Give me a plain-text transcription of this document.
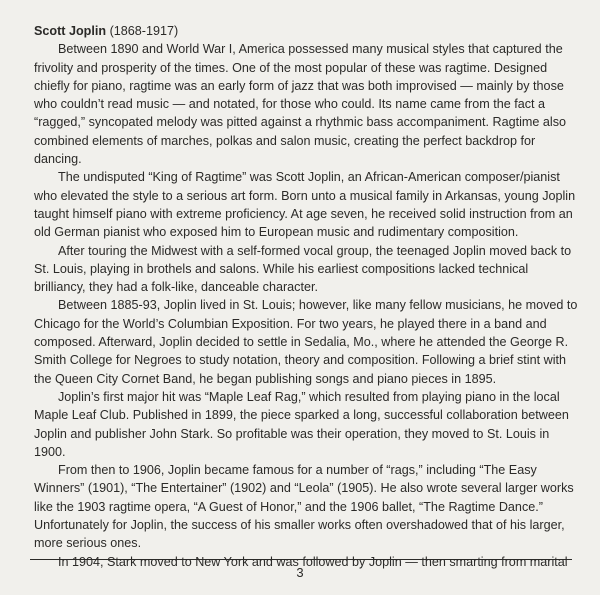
Scott Joplin (1868-1917)

Between 1890 and World War I, America possessed many musical styles that captured the frivolity and prosperity of the times. One of the most popular of these was ragtime. Designed chiefly for piano, ragtime was an early form of jazz that was both improvised — mainly by those who couldn’t read music — and notated, for those who could. Its name came from the fact a “ragged,” syncopated melody was pitted against a rhythmic bass accompaniment. Ragtime also combined elements of marches, polkas and salon music, creating the perfect backdrop for dancing.

The undisputed “King of Ragtime” was Scott Joplin, an African-American composer/pianist who elevated the style to a serious art form. Born unto a musical family in Arkansas, young Joplin taught himself piano with extreme proficiency. At age seven, he received solid instruction from an old German pianist who exposed him to European music and rudimentary composition.

After touring the Midwest with a self-formed vocal group, the teenaged Joplin moved back to St. Louis, playing in brothels and salons. While his earliest compositions lacked technical brilliancy, they had a folk-like, danceable character.

Between 1885-93, Joplin lived in St. Louis; however, like many fellow musicians, he moved to Chicago for the World’s Columbian Exposition. For two years, he played there in a band and composed. Afterward, Joplin decided to settle in Sedalia, Mo., where he attended the George R. Smith College for Negroes to study notation, theory and composition. Following a brief stint with the Queen City Cornet Band, he began publishing songs and piano pieces in 1895.

Joplin’s first major hit was “Maple Leaf Rag,” which resulted from playing piano in the local Maple Leaf Club. Published in 1899, the piece sparked a long, successful collaboration between Joplin and publisher John Stark. So profitable was their operation, they moved to St. Louis in 1900.

From then to 1906, Joplin became famous for a number of “rags,” including “The Easy Winners” (1901), “The Entertainer” (1902) and “Leola” (1905). He also wrote several larger works like the 1903 ragtime opera, “A Guest of Honor,” and the 1906 ballet, “The Ragtime Dance.” Unfortunately for Joplin, the success of his smaller works often overshadowed that of his larger, more serious ones.

In 1904, Stark moved to New York and was followed by Joplin — then smarting from marital

3
